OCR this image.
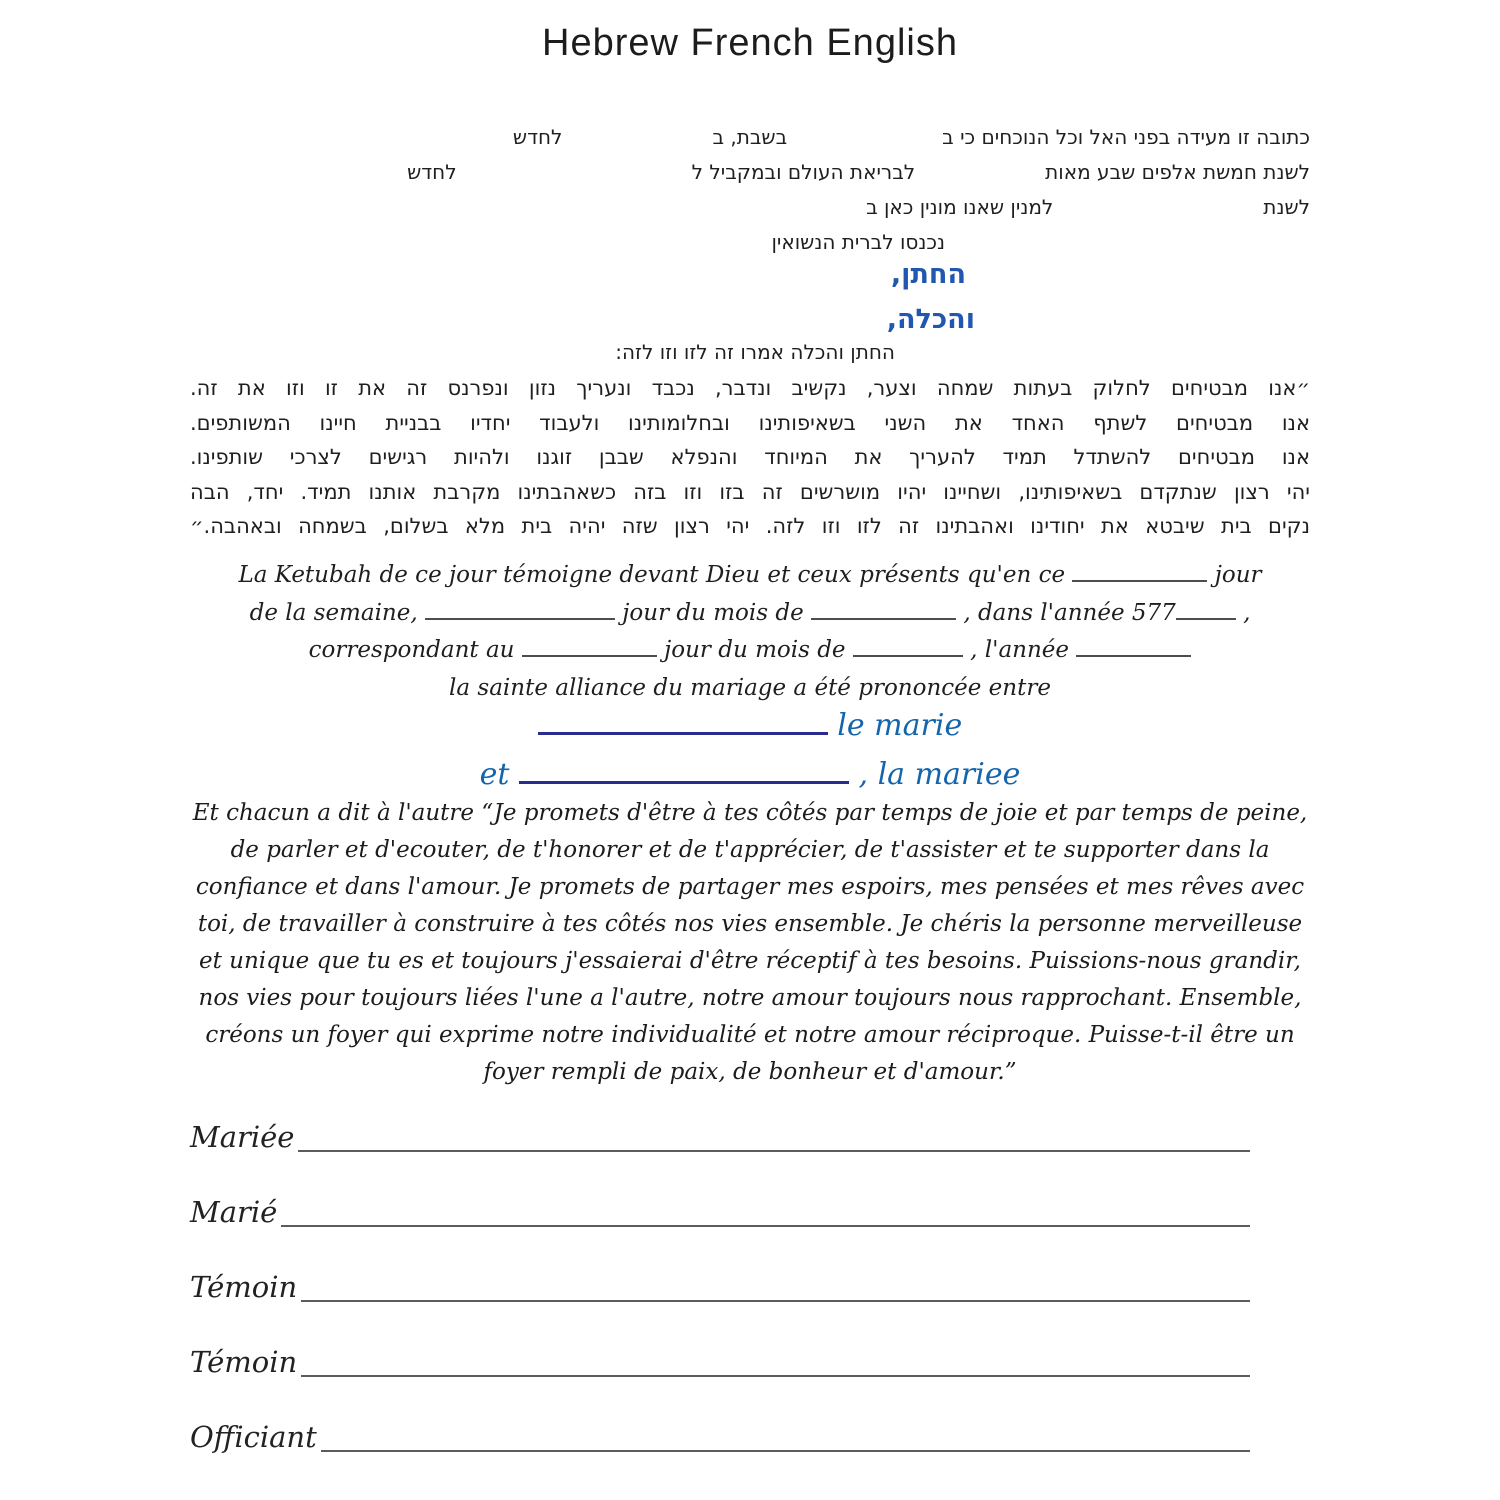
Hebrew French English
כתובה זו מעידה בפני האל וכל הנוכחים כי בבשבת, בלחדש
לשנת חמשת אלפים שבע מאותלבריאת העולם ובמקביל ללחדש
לשנתלמנין שאנו מונין כאן ב
נכנסו לברית הנשואין
החתן,
והכלה,
החתן והכלה אמרו זה לזו וזו לזה:
״אנו מבטיחים לחלוק בעתות שמחה וצער, נקשיב ונדבר, נכבד ונעריך נזון ונפרנס זה את זו וזו את זה.
אנו מבטיחים לשתף האחד את השני בשאיפותינו ובחלומותינו ולעבוד יחדיו בבניית חיינו המשותפים.
אנו מבטיחים להשתדל תמיד להעריך את המיוחד והנפלא שבבן זוגנו ולהיות רגישים לצרכי שותפינו.
יהי רצון שנתקדם בשאיפותינו, ושחיינו יהיו מושרשים זה בזו וזו בזה כשאהבתינו מקרבת אותנו תמיד. יחד, הבה
נקים בית שיבטא את יחודינו ואהבתינו זה לזו וזו לזה. יהי רצון שזה יהיה בית מלא בשלום, בשמחה ובאהבה.״
La Ketubah de ce jour témoigne devant Dieu et ceux présents qu'en ce	jour
de la semaine,	jour du mois de	, dans l'année 577	,
correspondant au	jour du mois de	, l'année
la sainte alliance du mariage a été prononcée entre
le marie
et	, la mariee
Et chacun a dit à l'autre “Je promets d'être à tes côtés par temps de joie et par temps de peine,
de parler et d'ecouter, de t'honorer et de t'apprécier, de t'assister et te supporter dans la
confiance et dans l'amour. Je promets de partager mes espoirs, mes pensées et mes rêves avec
toi, de travailler à construire à tes côtés nos vies ensemble. Je chéris la personne merveilleuse
et unique que tu es et toujours j'essaierai d'être réceptif à tes besoins. Puissions-nous grandir,
nos vies pour toujours liées l'une a l'autre, notre amour toujours nous rapprochant. Ensemble,
créons un foyer qui exprime notre individualité et notre amour réciproque. Puisse-t-il être un
foyer rempli de paix, de bonheur et d'amour.”
Mariée
Marié
Témoin
Témoin
Officiant
